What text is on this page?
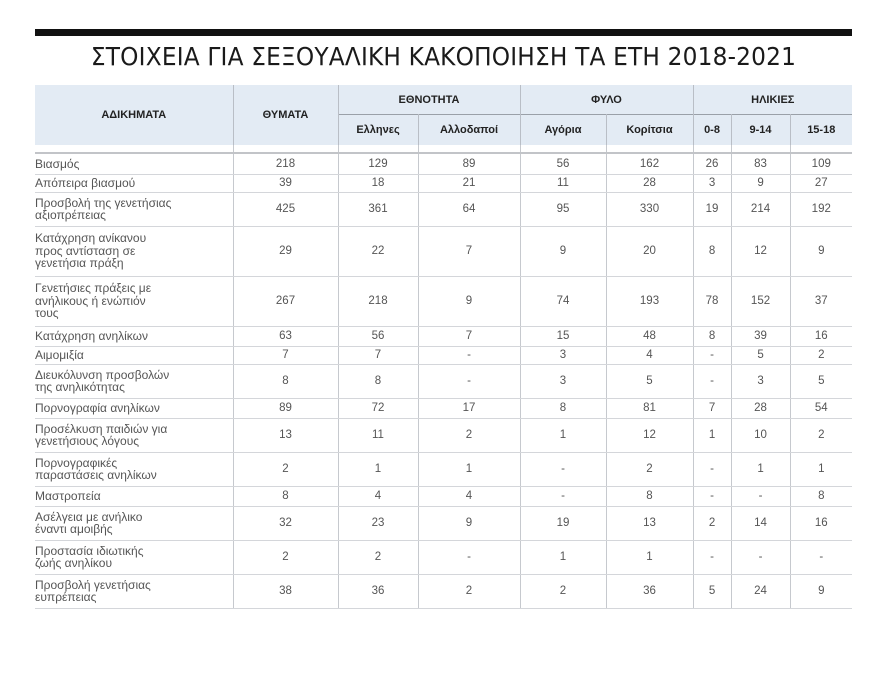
ΣΤΟΙΧΕΙΑ ΓΙΑ ΣΕΞΟΥΑΛΙΚΗ ΚΑΚΟΠΟΙΗΣΗ ΤΑ ΕΤΗ 2018-2021
ΑΔΙΚΗΜΑΤΑ	ΘΥΜΑΤΑ	ΕΘΝΟΤΗΤΑ		ΦΥΛΟ		ΗΛΙΚΙΕΣ		
		Ελληνες	Αλλοδαποί	Αγόρια	Κορίτσια	0-8	9-14	15-18

Βιασμός	218	129	89	56	162	26	83	109
Απόπειρα βιασμού	39	18	21	11	28	3	9	27
Προσβολή της γενετήσιας αξιοπρέπειας	425	361	64	95	330	19	214	192
Κατάχρηση ανίκανου προς αντίσταση σε γενετήσια πράξη	29	22	7	9	20	8	12	9
Γενετήσιες πράξεις με ανήλικους ή ενώπιόν τους	267	218	9	74	193	78	152	37
Κατάχρηση ανηλίκων	63	56	7	15	48	8	39	16
Αιμομιξία	7	7	-	3	4	-	5	2
Διευκόλυνση προσβολών της ανηλικότητας	8	8	-	3	5	-	3	5
Πορνογραφία ανηλίκων	89	72	17	8	81	7	28	54
Προσέλκυση παιδιών για γενετήσιους λόγους	13	11	2	1	12	1	10	2
Πορνογραφικές παραστάσεις ανηλίκων	2	1	1	-	2	-	1	1
Μαστροπεία	8	4	4	-	8	-	-	8
Ασέλγεια με ανήλικο έναντι αμοιβής	32	23	9	19	13	2	14	16
Προστασία ιδιωτικής ζωής ανηλίκου	2	2	-	1	1	-	-	-
Προσβολή γενετήσιας ευπρέπειας	38	36	2	2	36	5	24	9
